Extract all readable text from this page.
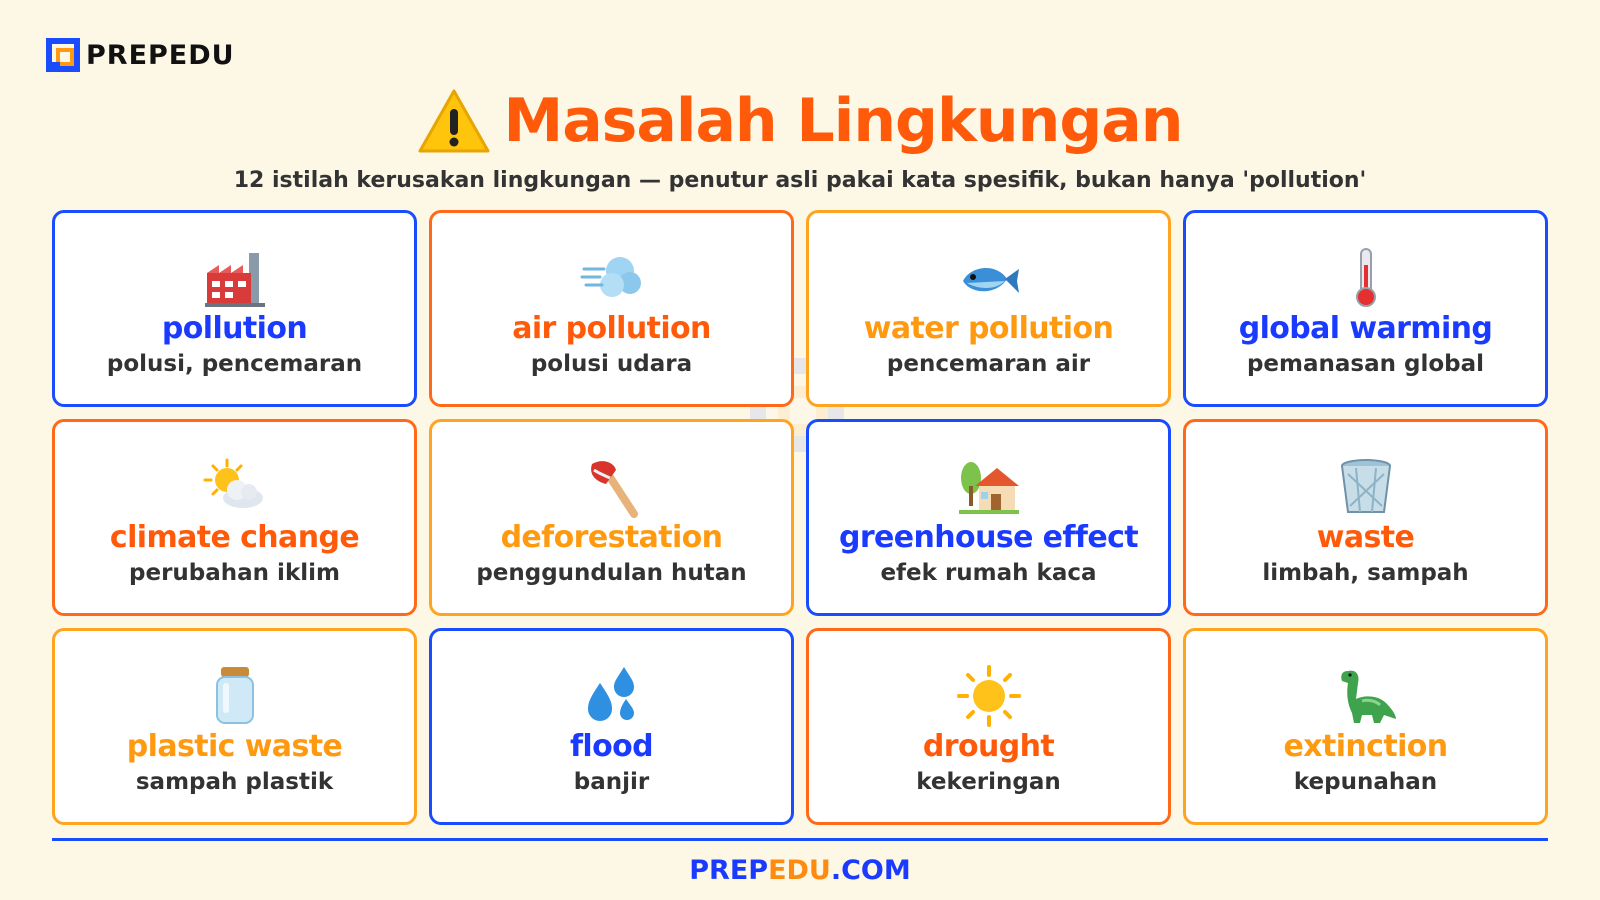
PREPEDU
Masalah Lingkungan
12 istilah kerusakan lingkungan — penutur asli pakai kata spesifik, bukan hanya 'pollution'
pollution
polusi, pencemaran
air pollution
polusi udara
water pollution
pencemaran air
global warming
pemanasan global
climate change
perubahan iklim
deforestation
penggundulan hutan
greenhouse effect
efek rumah kaca
waste
limbah, sampah
plastic waste
sampah plastik
flood
banjir
drought
kekeringan
extinction
kepunahan
PREPEDU.COM
